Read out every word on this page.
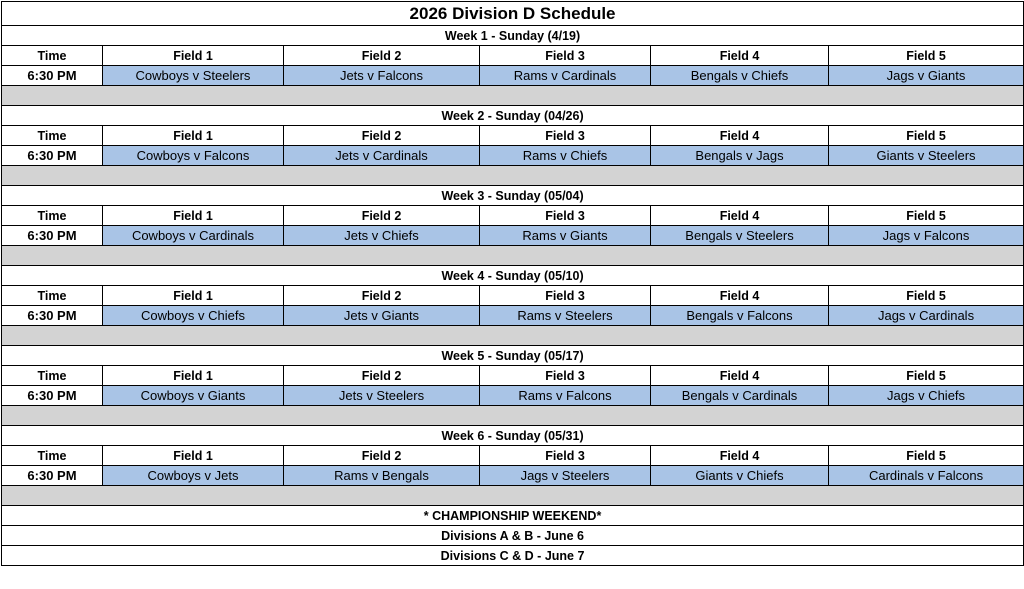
2026 Division D Schedule					
Week 1 - Sunday (4/19)					
Time	Field 1	Field 2	Field 3	Field 4	Field 5
6:30 PM	Cowboys v Steelers	Jets v Falcons	Rams v Cardinals	Bengals v Chiefs	Jags v Giants

Week 2 - Sunday (04/26)					
Time	Field 1	Field 2	Field 3	Field 4	Field 5
6:30 PM	Cowboys v Falcons	Jets v Cardinals	Rams v Chiefs	Bengals v Jags	Giants v Steelers

Week 3 - Sunday (05/04)					
Time	Field 1	Field 2	Field 3	Field 4	Field 5
6:30 PM	Cowboys v Cardinals	Jets v Chiefs	Rams v Giants	Bengals v Steelers	Jags v Falcons

Week 4 - Sunday (05/10)					
Time	Field 1	Field 2	Field 3	Field 4	Field 5
6:30 PM	Cowboys v Chiefs	Jets v Giants	Rams v Steelers	Bengals v Falcons	Jags v Cardinals

Week 5 - Sunday (05/17)					
Time	Field 1	Field 2	Field 3	Field 4	Field 5
6:30 PM	Cowboys v Giants	Jets v Steelers	Rams v Falcons	Bengals v Cardinals	Jags v Chiefs

Week 6 - Sunday (05/31)					
Time	Field 1	Field 2	Field 3	Field 4	Field 5
6:30 PM	Cowboys v Jets	Rams v Bengals	Jags v Steelers	Giants v Chiefs	Cardinals v Falcons

* CHAMPIONSHIP WEEKEND*					
Divisions A & B - June 6					
Divisions C & D - June 7					
